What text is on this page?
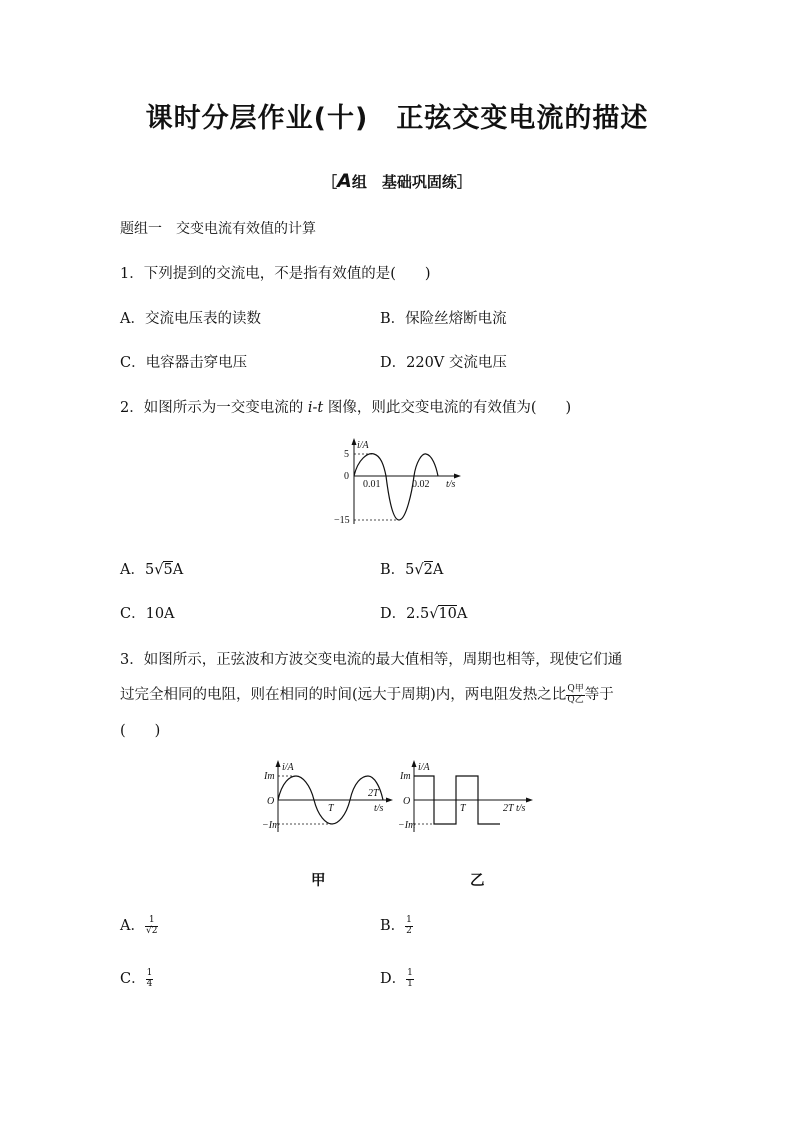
课时分层作业(十)　正弦交变电流的描述
［A组　基础巩固练］
题组一　交变电流有效值的计算
1．下列提到的交流电，不是指有效值的是(　　)
A．交流电压表的读数	B．保险丝熔断电流
C．电容器击穿电压	D．220V 交流电压
2．如图所示为一交变电流的 i-t 图像，则此交变电流的有效值为(　　)
i/A
5
0
−15
0.01	0.02 t/s
A．5√5A	B．5√2A
C．10A	D．2.5√10A
3．如图所示，正弦波和方波交变电流的最大值相等，周期也相等，现使它们通
过完全相同的电阻，则在相同的时间(远大于周期)内，两电阻发热之比 $\frac{\text{Q甲}}{\text{Q乙}}$ 等于
(　　)
i/A
Im
O
−Im
T
2T
t/s
i/A
Im
O
−Im
T	2T t/s
甲	乙
A． $\frac{1}{√2}$	B． $\frac{1}{2}$
C． $\frac{1}{4}$	D． $\frac{1}{1}$
